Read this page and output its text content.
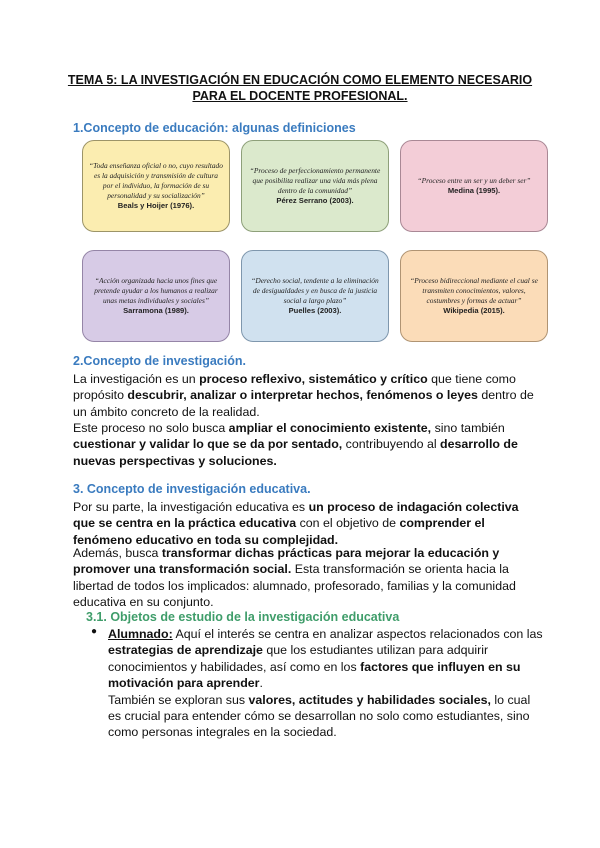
TEMA 5: LA INVESTIGACIÓN EN EDUCACIÓN COMO ELEMENTO NECESARIO
PARA EL DOCENTE PROFESIONAL.
1.Concepto de educación: algunas definiciones
“Toda enseñanza oficial o no, cuyo resultado es la adquisición y transmisión de cultura por el individuo, la formación de su personalidad y su socialización”
Beals y Hoijer (1976).
“Proceso de perfeccionamiento permanente que posibilita realizar una vida más plena dentro de la comunidad”
Pérez Serrano (2003).
“Proceso entre un ser y un deber ser”
Medina (1995).
“Acción organizada hacia unos fines que pretende ayudar a los humanos a realizar unas metas individuales y sociales”
Sarramona (1989).
“Derecho social, tendente a la eliminación de desigualdades y en busca de la justicia social a largo plazo”
Puelles (2003).
“Proceso bidireccional mediante el cual se transmiten conocimientos, valores, costumbres y formas de actuar”
Wikipedia (2015).
2.Concepto de investigación.
La investigación es un proceso reflexivo, sistemático y crítico que tiene como propósito descubrir, analizar o interpretar hechos, fenómenos o leyes dentro de un ámbito concreto de la realidad.
Este proceso no solo busca ampliar el conocimiento existente, sino también cuestionar y validar lo que se da por sentado, contribuyendo al desarrollo de nuevas perspectivas y soluciones.
3. Concepto de investigación educativa.
Por su parte, la investigación educativa es un proceso de indagación colectiva que se centra en la práctica educativa con el objetivo de comprender el fenómeno educativo en toda su complejidad.
Además, busca transformar dichas prácticas para mejorar la educación y promover una transformación social. Esta transformación se orienta hacia la libertad de todos los implicados: alumnado, profesorado, familias y la comunidad educativa en su conjunto.
3.1. Objetos de estudio de la investigación educativa
● Alumnado: Aquí el interés se centra en analizar aspectos relacionados con las estrategias de aprendizaje que los estudiantes utilizan para adquirir conocimientos y habilidades, así como en los factores que influyen en su motivación para aprender.
También se exploran sus valores, actitudes y habilidades sociales, lo cual es crucial para entender cómo se desarrollan no solo como estudiantes, sino como personas integrales en la sociedad.
